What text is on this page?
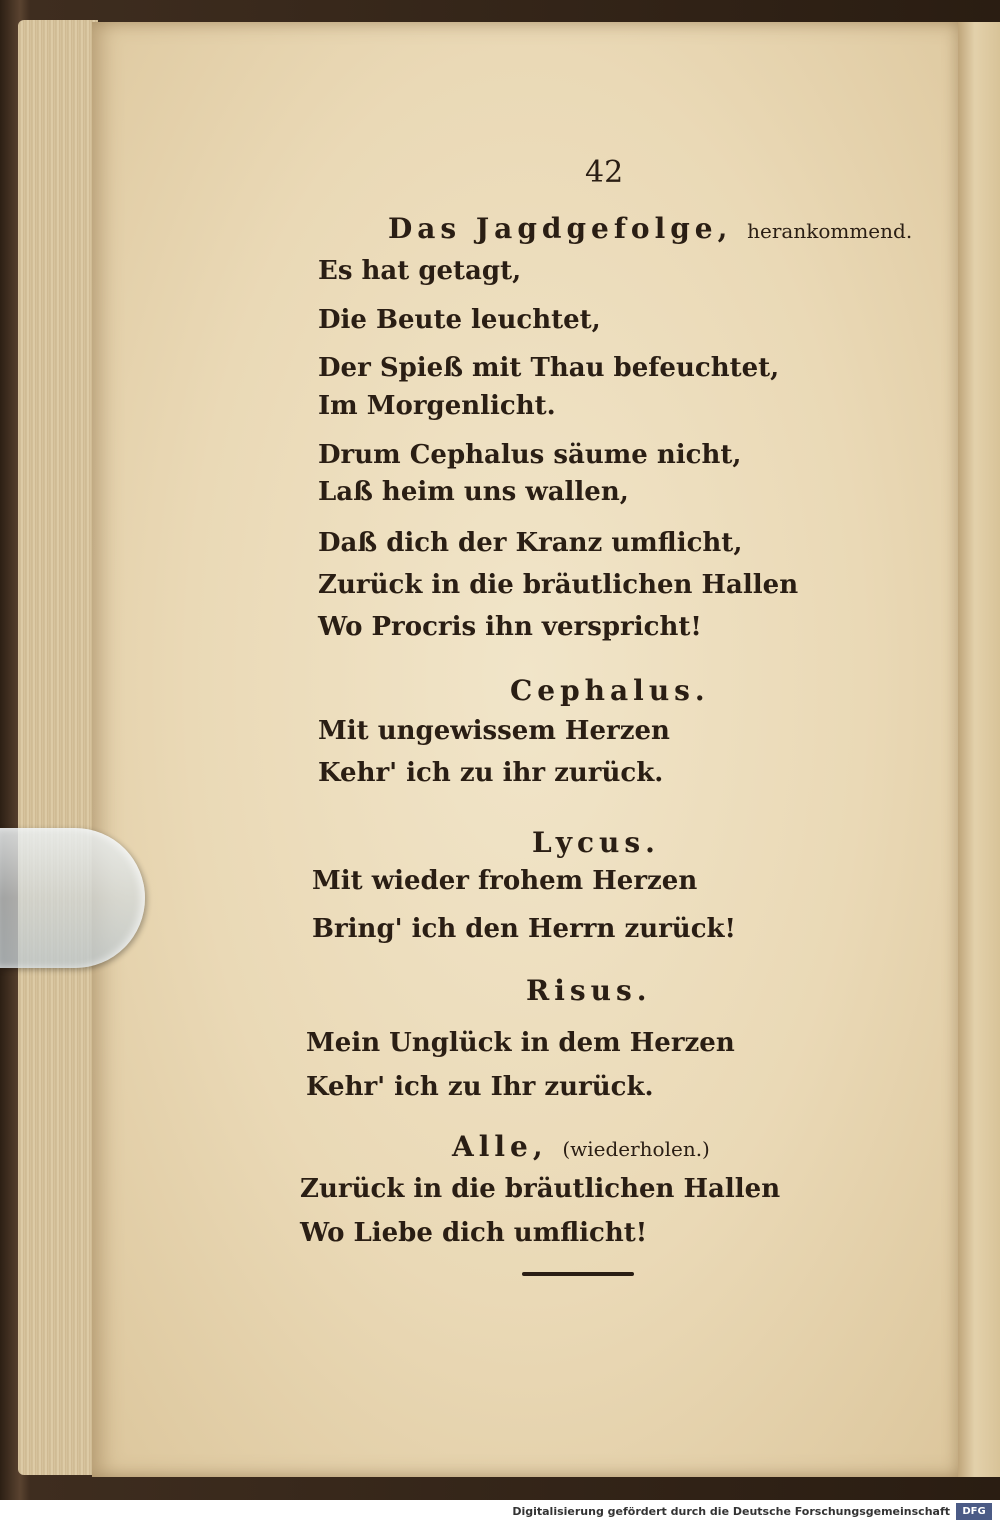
42
Das Jagdgefolge, herankommend.
Es hat getagt,
Die Beute leuchtet,
Der Spieß mit Thau befeuchtet,
Im Morgenlicht.
Drum Cephalus säume nicht,
Laß heim uns wallen,
Daß dich der Kranz umflicht,
Zurück in die bräutlichen Hallen
Wo Procris ihn verspricht!
Cephalus.
Mit ungewissem Herzen
Kehr' ich zu ihr zurück.
Lycus.
Mit wieder frohem Herzen
Bring' ich den Herrn zurück!
Risus.
Mein Unglück in dem Herzen
Kehr' ich zu Ihr zurück.
Alle, (wiederholen.)
Zurück in die bräutlichen Hallen
Wo Liebe dich umflicht!
Digitalisierung gefördert durch die Deutsche Forschungsgemeinschaft	DFG
